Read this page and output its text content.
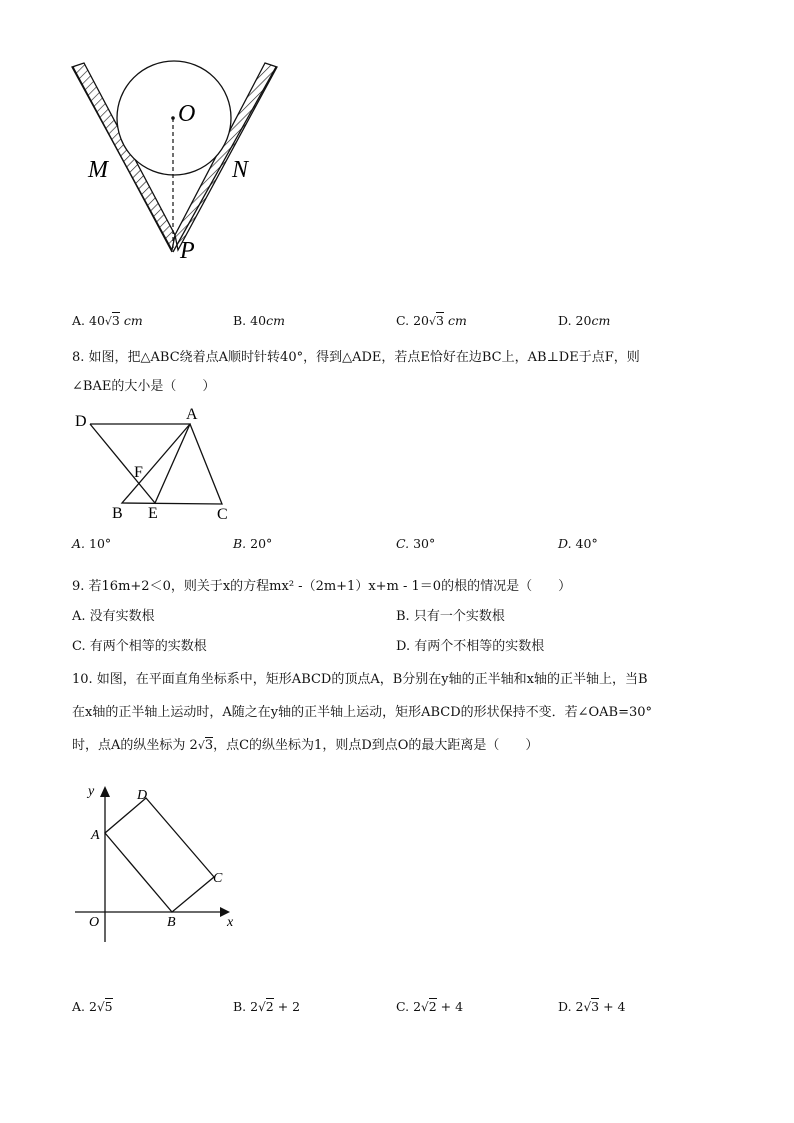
O
M	N
P
A. 40√3 cm	B. 40cm	C. 20√3 cm	D. 20cm
8. 如图，把△ABC绕着点A顺时针转40°，得到△ADE，若点E恰好在边BC上，AB⊥DE于点F，则
∠BAE的大小是（　　）
D	A
F
B E	C
A. 10°	B. 20°	C. 30°	D. 40°
9. 若16m+2＜0，则关于x的方程mx² -（2m+1）x+m - 1＝0的根的情况是（　　）
A. 没有实数根	B. 只有一个实数根
C. 有两个相等的实数根	D. 有两个不相等的实数根
10. 如图，在平面直角坐标系中，矩形ABCD的顶点A，B分别在y轴的正半轴和x轴的正半轴上，当B
在x轴的正半轴上运动时，A随之在y轴的正半轴上运动，矩形ABCD的形状保持不变．若∠OAB=30°
时，点A的纵坐标为 2√3，点C的纵坐标为1，则点D到点O的最大距离是（　　）
y
x
O
A
B
C
D
A. 2√5	B. 2√2 + 2	C. 2√2 + 4	D. 2√3 + 4
